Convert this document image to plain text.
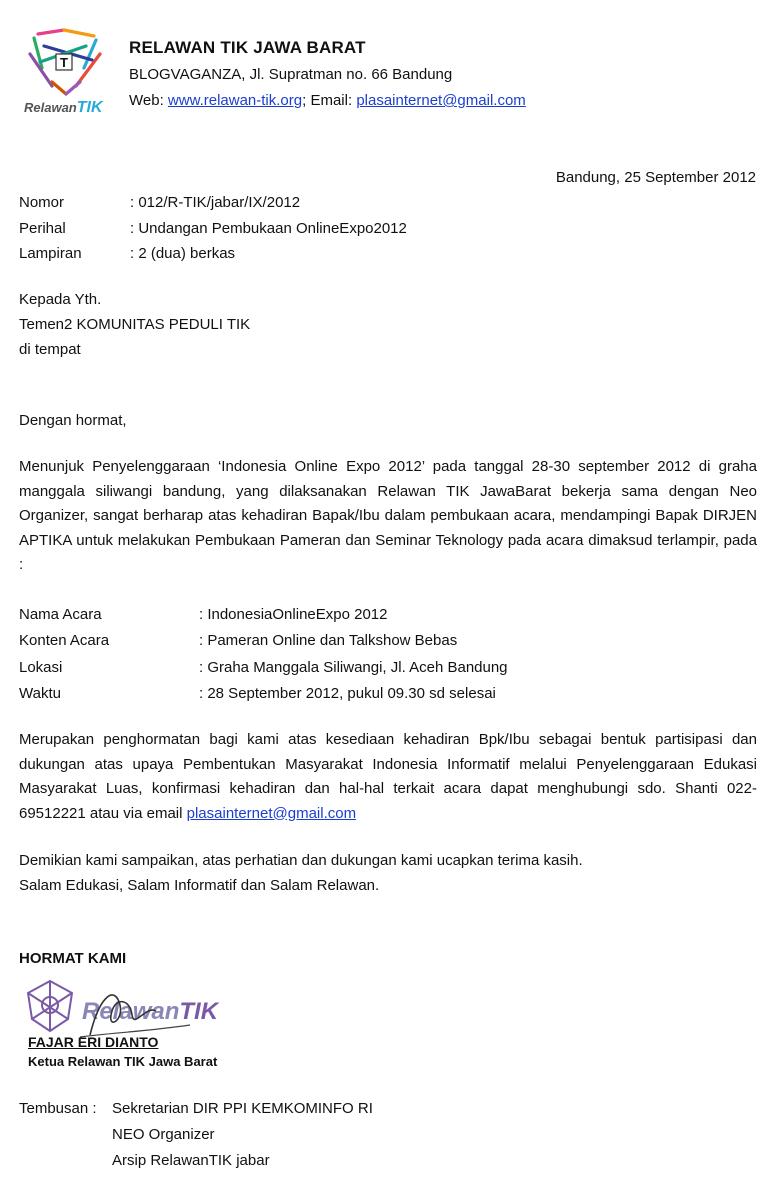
T
RelawanTIK
RELAWAN TIK JAWA BARAT
BLOGVAGANZA, Jl. Supratman no. 66 Bandung
Web: www.relawan-tik.org; Email: plasainternet@gmail.com
Bandung, 25 September 2012
Nomor	: 012/R-TIK/jabar/IX/2012
Perihal	: Undangan Pembukaan OnlineExpo2012
Lampiran	: 2 (dua) berkas
Kepada Yth.
Temen2 KOMUNITAS PEDULI TIK
di tempat
Dengan hormat,
Menunjuk Penyelenggaraan ‘Indonesia Online Expo 2012’ pada tanggal 28-30 september 2012 di graha manggala siliwangi bandung, yang dilaksanakan Relawan TIK JawaBarat bekerja sama dengan Neo Organizer, sangat berharap atas kehadiran Bapak/Ibu dalam pembukaan acara, mendampingi Bapak DIRJEN APTIKA untuk melakukan Pembukaan Pameran dan Seminar Teknology pada acara dimaksud terlampir, pada :
Nama Acara	: IndonesiaOnlineExpo 2012
Konten Acara	: Pameran Online dan Talkshow Bebas
Lokasi	: Graha Manggala Siliwangi, Jl. Aceh Bandung
Waktu	: 28 September 2012, pukul 09.30 sd selesai
Merupakan penghormatan bagi kami atas kesediaan kehadiran Bpk/Ibu sebagai bentuk partisipasi dan dukungan atas upaya Pembentukan Masyarakat Indonesia Informatif melalui Penyelenggaraan Edukasi Masyarakat Luas, konfirmasi kehadiran dan hal-hal terkait acara dapat menghubungi sdo. Shanti 022-69512221 atau via email plasainternet@gmail.com
Demikian kami sampaikan, atas perhatian dan dukungan kami ucapkan terima kasih.
Salam Edukasi, Salam Informatif dan Salam Relawan.
HORMAT KAMI
RelawanTIK
FAJAR ERI DIANTO
Ketua Relawan TIK Jawa Barat
Tembusan : Sekretarian DIR PPI KEMKOMINFO RI
NEO Organizer
Arsip RelawanTIK jabar
